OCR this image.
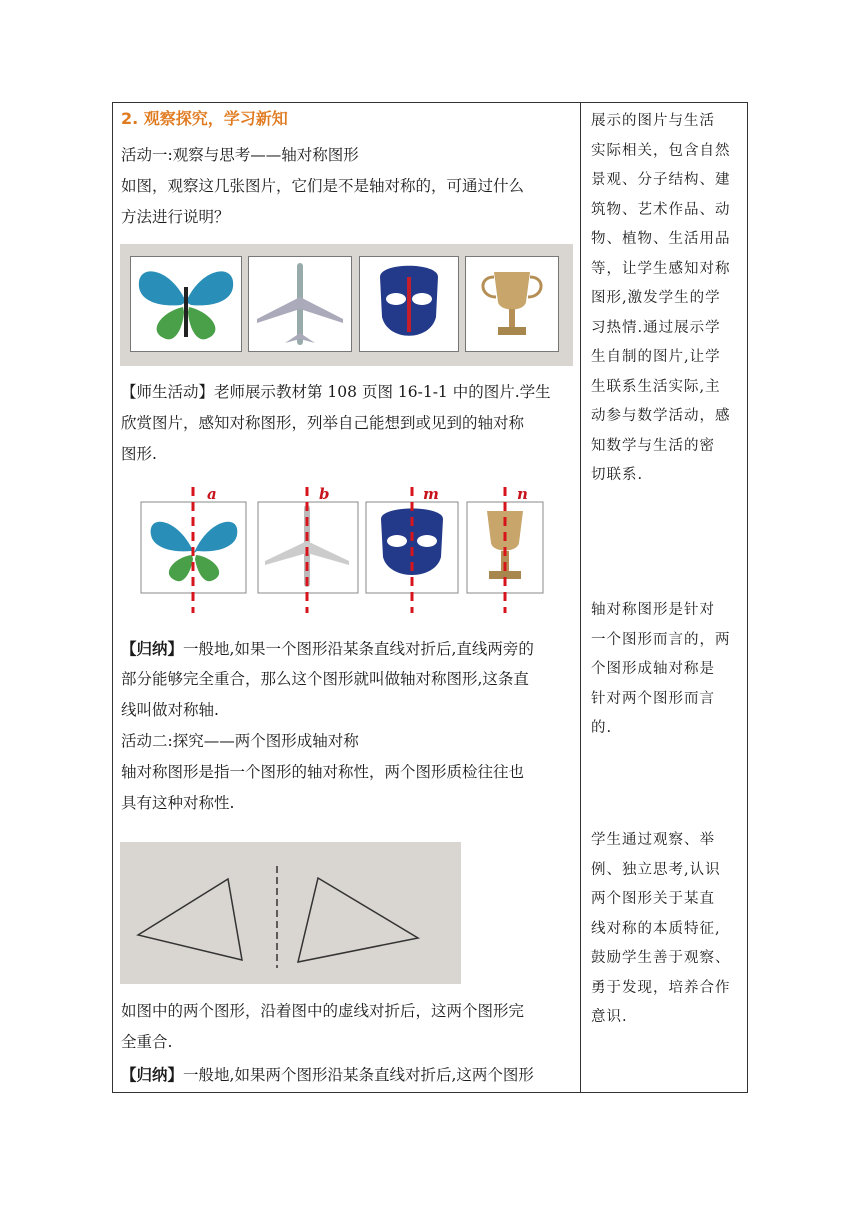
2. 观察探究，学习新知
活动一:观察与思考——轴对称图形
如图，观察这几张图片，它们是不是轴对称的，可通过什么
方法进行说明？
【师生活动】老师展示教材第 108 页图 16-1-1 中的图片.学生
欣赏图片，感知对称图形，列举自己能想到或见到的轴对称
图形.
a	b	m	n
【归纳】一般地,如果一个图形沿某条直线对折后,直线两旁的
部分能够完全重合，那么这个图形就叫做轴对称图形,这条直
线叫做对称轴.
活动二:探究——两个图形成轴对称
轴对称图形是指一个图形的轴对称性，两个图形质检往往也
具有这种对称性.
如图中的两个图形，沿着图中的虚线对折后，这两个图形完
全重合.
【归纳】一般地,如果两个图形沿某条直线对折后,这两个图形
展示的图片与生活
实际相关，包含自然
景观、分子结构、建
筑物、艺术作品、动
物、植物、生活用品
等，让学生感知对称
图形,激发学生的学
习热情.通过展示学
生自制的图片,让学
生联系生活实际,主
动参与数学活动，感
知数学与生活的密
切联系.
轴对称图形是针对
一个图形而言的，两
个图形成轴对称是
针对两个图形而言
的.
学生通过观察、举
例、独立思考,认识
两个图形关于某直
线对称的本质特征,
鼓励学生善于观察、
勇于发现，培养合作
意识.
